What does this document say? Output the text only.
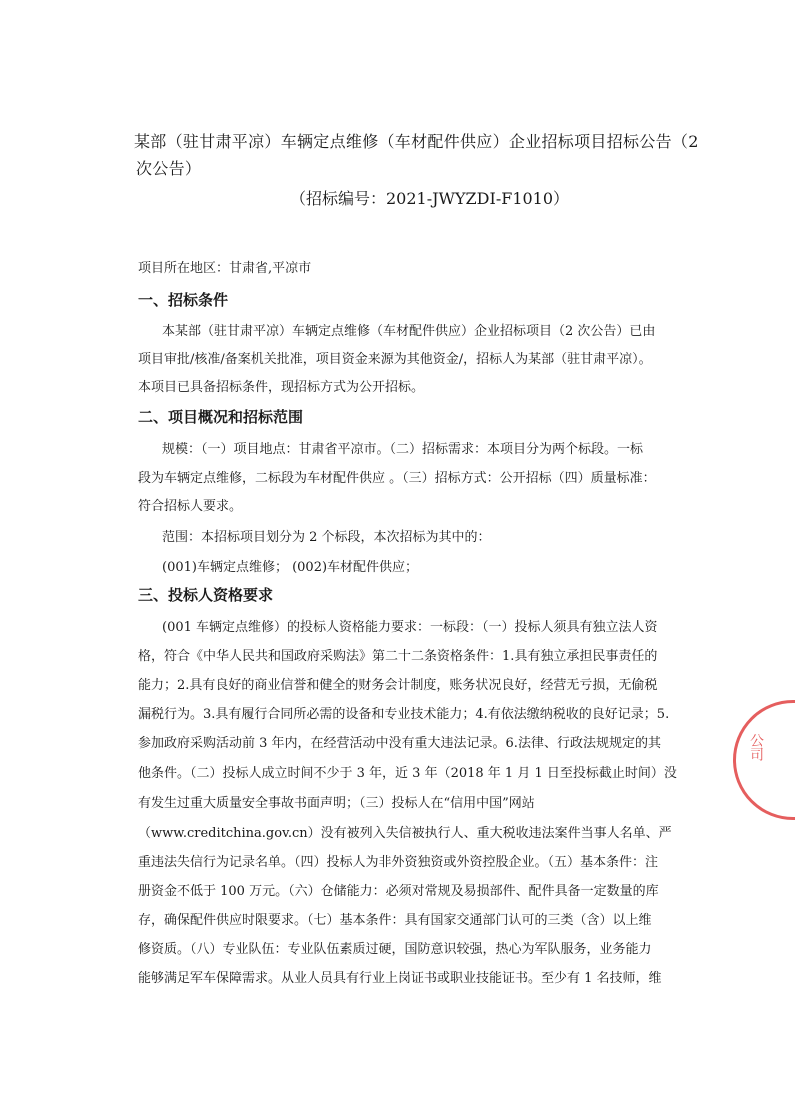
某部（驻甘肃平凉）车辆定点维修（车材配件供应）企业招标项目招标公告（2
次公告）
（招标编号：2021-JWYZDI-F1010）
项目所在地区：甘肃省,平凉市
一、招标条件
本某部（驻甘肃平凉）车辆定点维修（车材配件供应）企业招标项目（2 次公告）已由
项目审批/核准/备案机关批准，项目资金来源为其他资金/，招标人为某部（驻甘肃平凉）。
本项目已具备招标条件，现招标方式为公开招标。
二、项目概况和招标范围
规模：（一）项目地点：甘肃省平凉市。（二）招标需求：本项目分为两个标段。一标
段为车辆定点维修，二标段为车材配件供应 。（三）招标方式：公开招标（四）质量标准：
符合招标人要求。
范围：本招标项目划分为 2 个标段，本次招标为其中的：
(001)车辆定点维修； (002)车材配件供应；
三、投标人资格要求
(001 车辆定点维修）的投标人资格能力要求：一标段：（一）投标人须具有独立法人资
格，符合《中华人民共和国政府采购法》第二十二条资格条件：1.具有独立承担民事责任的
能力；2.具有良好的商业信誉和健全的财务会计制度，账务状况良好，经营无亏损，无偷税
漏税行为。3.具有履行合同所必需的设备和专业技术能力；4.有依法缴纳税收的良好记录；5.
参加政府采购活动前 3 年内，在经营活动中没有重大违法记录。6.法律、行政法规规定的其
他条件。（二）投标人成立时间不少于 3 年，近 3 年（2018 年 1 月 1 日至投标截止时间）没
有发生过重大质量安全事故书面声明；（三）投标人在“信用中国”网站
（www.creditchina.gov.cn）没有被列入失信被执行人、重大税收违法案件当事人名单、严
重违法失信行为记录名单。（四）投标人为非外资独资或外资控股企业。（五）基本条件：注
册资金不低于 100 万元。（六）仓储能力：必须对常规及易损部件、配件具备一定数量的库
存，确保配件供应时限要求。（七）基本条件：具有国家交通部门认可的三类（含）以上维
修资质。（八）专业队伍：专业队伍素质过硬，国防意识较强，热心为军队服务，业务能力
能够满足军车保障需求。从业人员具有行业上岗证书或职业技能证书。至少有 1 名技师，维
公司
